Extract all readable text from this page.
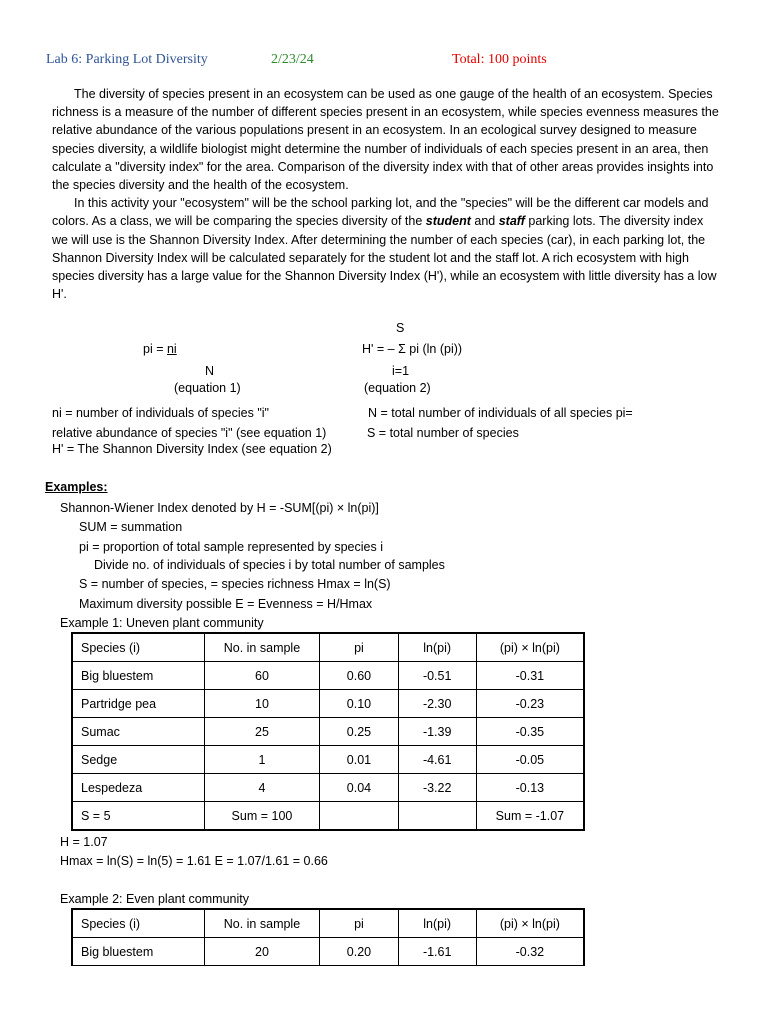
Lab 6: Parking Lot Diversity	2/23/24	Total: 100 points

The diversity of species present in an ecosystem can be used as one gauge of the health of an ecosystem. Species richness is a measure of the number of different species present in an ecosystem, while species evenness measures the relative abundance of the various populations present in an ecosystem. In an ecological survey designed to measure species diversity, a wildlife biologist might determine the number of individuals of each species present in an area, then calculate a "diversity index" for the area. Comparison of the diversity index with that of other areas provides insights into the species diversity and the health of the ecosystem.

In this activity your "ecosystem" will be the school parking lot, and the "species" will be the different car models and colors. As a class, we will be comparing the species diversity of the student and staff parking lots. The diversity index we will use is the Shannon Diversity Index. After determining the number of each species (car), in each parking lot, the Shannon Diversity Index will be calculated separately for the student lot and the staff lot. A rich ecosystem with high species diversity has a large value for the Shannon Diversity Index (H'), while an ecosystem with little diversity has a low H'.

pi = ni
N
(equation 1)
S
H' = – Σ pi (ln (pi))
i=1
(equation 2)
ni = number of individuals of species "i"	N = total number of individuals of all species pi=
relative abundance of species "i" (see equation 1)	S = total number of species
H' = The Shannon Diversity Index (see equation 2)
Examples:
Shannon-Wiener Index denoted by H = -SUM[(pi) × ln(pi)]
SUM = summation
pi = proportion of total sample represented by species i
Divide no. of individuals of species i by total number of samples
S = number of species, = species richness Hmax = ln(S)
Maximum diversity possible E = Evenness = H/Hmax
Example 1: Uneven plant community
Species (i)	No. in sample	pi	ln(pi)	(pi) × ln(pi)
Big bluestem	60	0.60	-0.51	-0.31
Partridge pea	10	0.10	-2.30	-0.23
Sumac	25	0.25	-1.39	-0.35
Sedge	1	0.01	-4.61	-0.05
Lespedeza	4	0.04	-3.22	-0.13
S = 5	Sum = 100			Sum = -1.07
H = 1.07
Hmax = ln(S) = ln(5) = 1.61 E = 1.07/1.61 = 0.66
Example 2: Even plant community
Species (i)	No. in sample	pi	ln(pi)	(pi) × ln(pi)
Big bluestem	20	0.20	-1.61	-0.32
